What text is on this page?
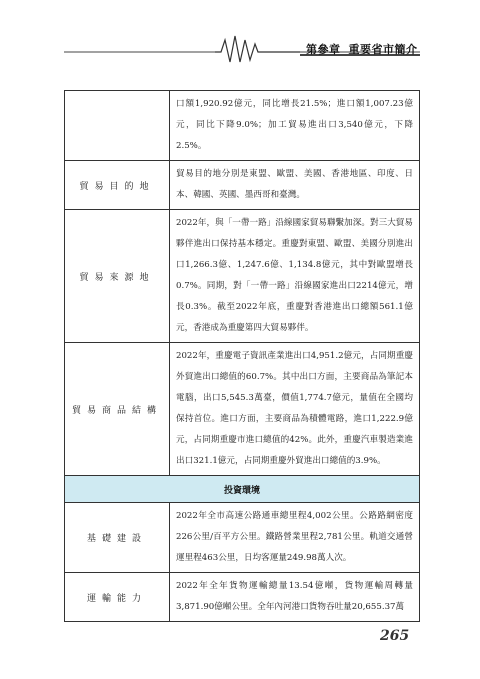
第參章 重要省市簡介
	口額1,920.92億元，同比增長21.5%；進口額1,007.23億元，同比下降9.0%；加工貿易進出口3,540億元，下降2.5%。
貿易目的地	貿易目的地分別是東盟、歐盟、美國、香港地區、印度、日本、韓國、英國、墨西哥和臺灣。
貿易來源地	2022年，與「一帶一路」沿線國家貿易聯繫加深。對三大貿易夥伴進出口保持基本穩定。重慶對東盟、歐盟、美國分別進出口1,266.3億、1,247.6億、1,134.8億元，其中對歐盟增長0.7%。同期，對「一帶一路」沿線國家進出口2214億元，增長0.3%。截至2022年底，重慶對香港進出口總額561.1億元，香港成為重慶第四大貿易夥伴。
貿易商品結構	2022年，重慶電子資訊產業進出口4,951.2億元，占同期重慶外貿進出口總值的60.7%。其中出口方面，主要商品為筆記本電腦，出口5,545.3萬臺，價值1,774.7億元，量值在全國均保持首位。進口方面，主要商品為積體電路，進口1,222.9億元，占同期重慶市進口總值的42%。此外，重慶汽車製造業進出口321.1億元，占同期重慶外貿進出口總值的3.9%。
投資環境	
基礎建設	2022年全市高速公路通車總里程4,002公里。公路路網密度226公里/百平方公里。鐵路營業里程2,781公里。軌道交通營運里程463公里，日均客運量249.98萬人次。
運輸能力	2022年全年貨物運輸總量13.54億噸，貨物運輸周轉量3,871.90億噸公里。全年內河港口貨物吞吐量20,655.37萬
265
